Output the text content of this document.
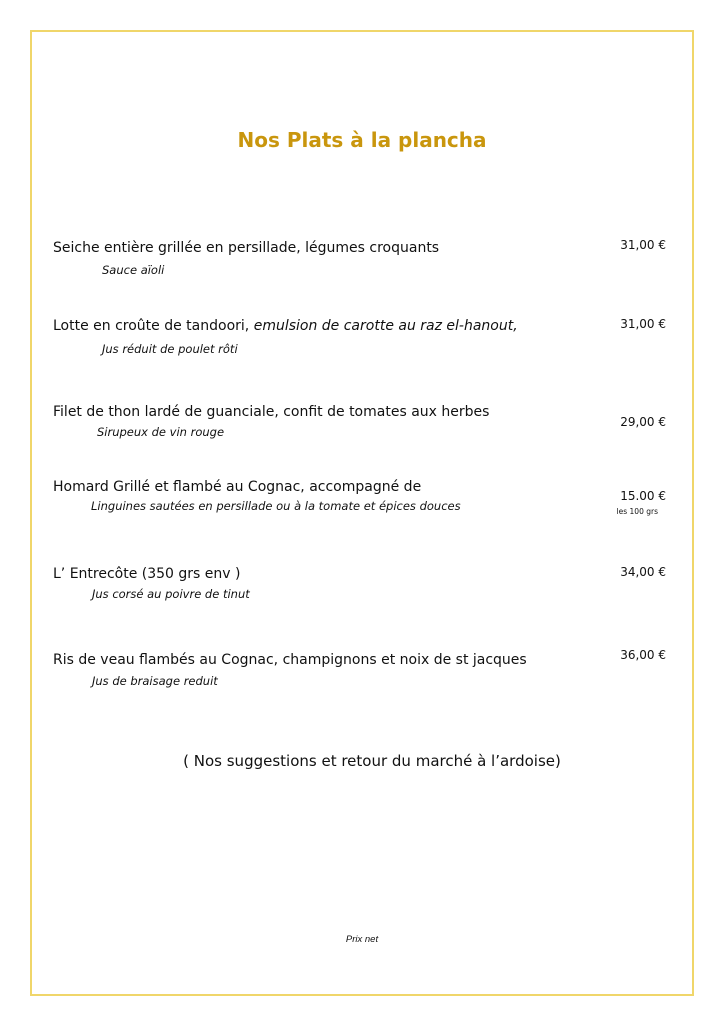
Nos Plats à la plancha
Seiche entière grillée en persillade, légumes croquants
Sauce aïoli
31,00 €
Lotte en croûte de tandoori, emulsion de carotte au raz el-hanout,
Jus réduit de poulet rôti
31,00 €
Filet de thon lardé de guanciale, confit de tomates aux herbes
Sirupeux de vin rouge
29,00 €
Homard Grillé et flambé au Cognac, accompagné de
Linguines sautées en persillade ou à la tomate et épices douces
15.00 €
les 100 grs
L’ Entrecôte (350 grs env )
Jus corsé au poivre de tinut
34,00 €
Ris de veau flambés au Cognac, champignons et noix de st jacques
Jus de braisage reduit
36,00 €
( Nos suggestions et retour du marché à l’ardoise)
Prix net
